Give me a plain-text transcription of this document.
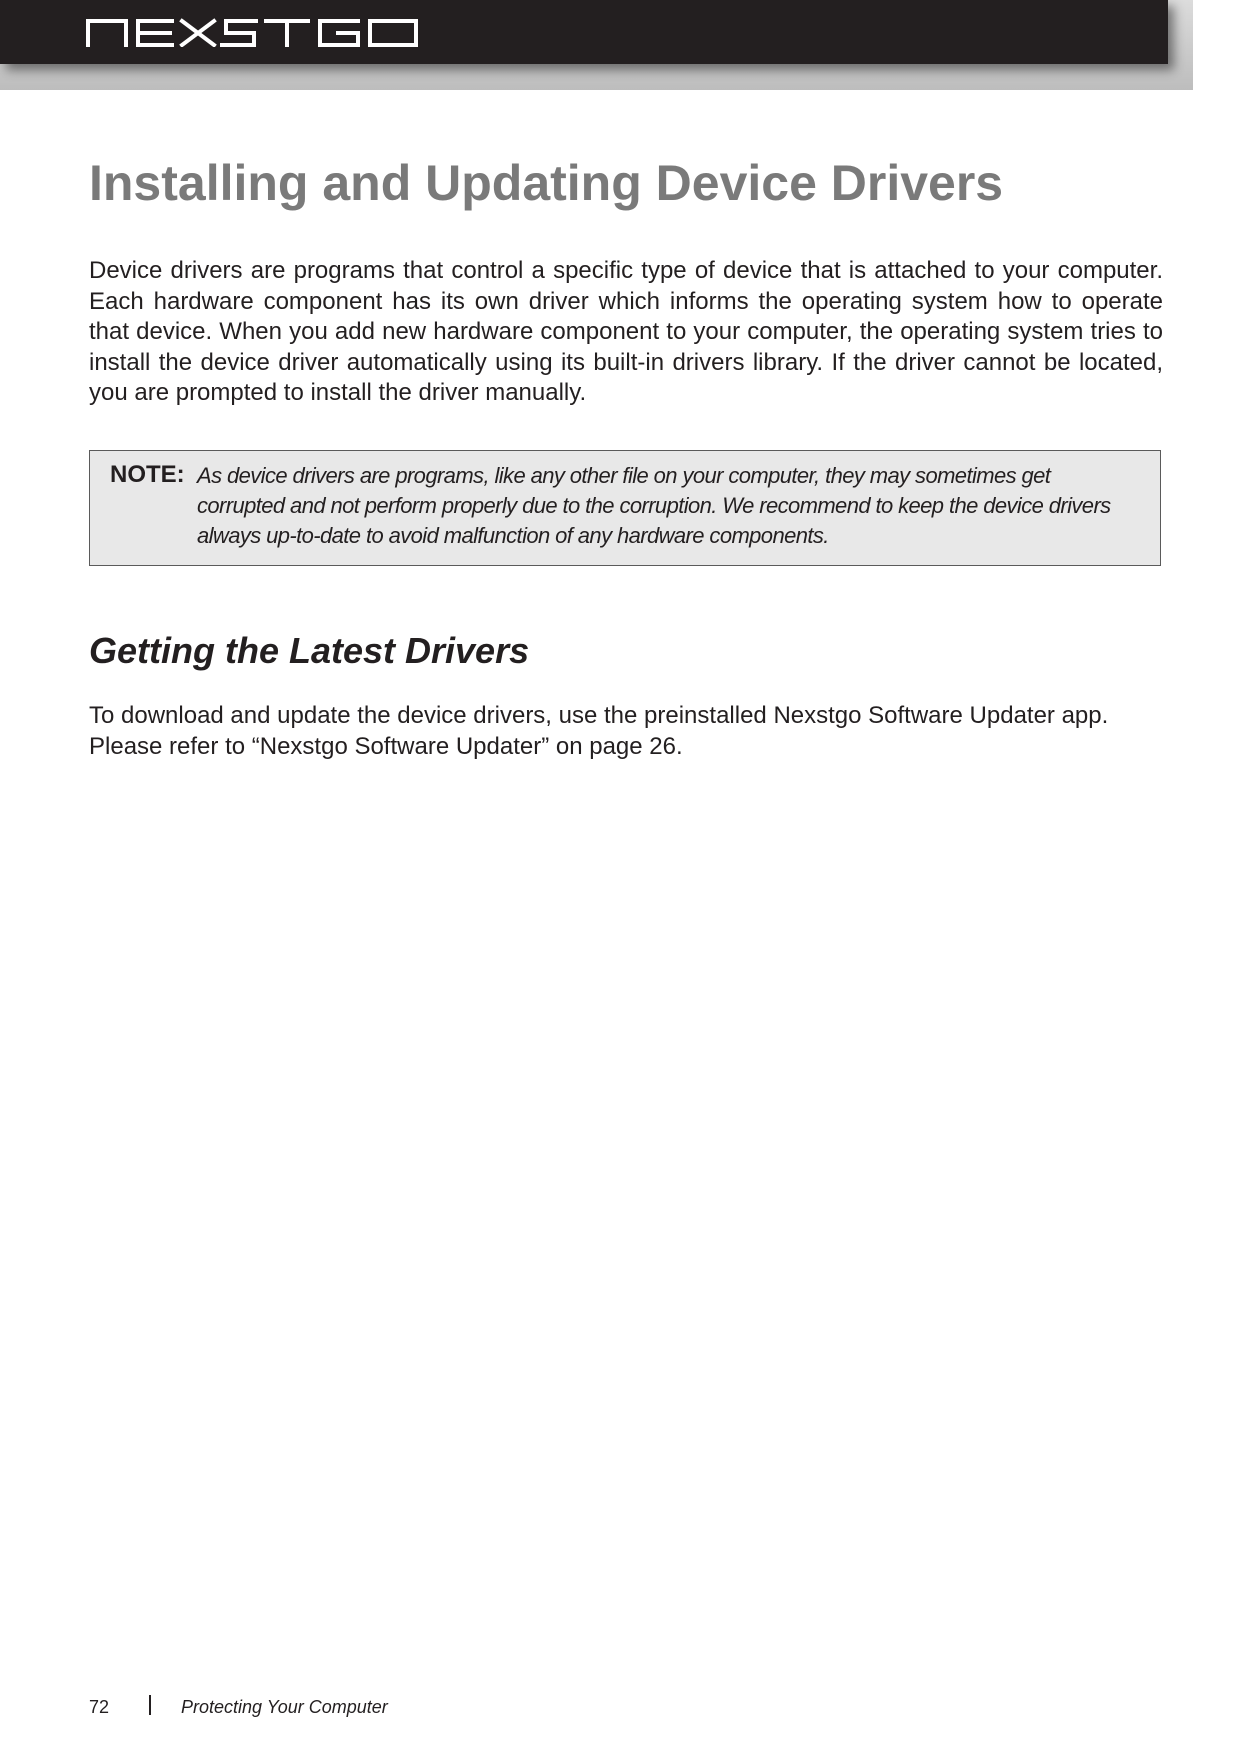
Installing and Updating Device Drivers

Device drivers are programs that control a specific type of device that is attached to your computer. Each hardware component has its own driver which informs the operating system how to operate that device. When you add new hardware component to your computer, the operating system tries to install the device driver automatically using its built-in drivers library. If the driver cannot be located, you are prompted to install the driver manually.

NOTE: As device drivers are programs, like any other file on your computer, they may sometimes get corrupted and not perform properly due to the corruption. We recommend to keep the device drivers always up-to-date to avoid malfunction of any hardware components.

Getting the Latest Drivers

To download and update the device drivers, use the preinstalled Nexstgo Software Updater app. Please refer to “Nexstgo Software Updater” on page 26.

72	Protecting Your Computer
